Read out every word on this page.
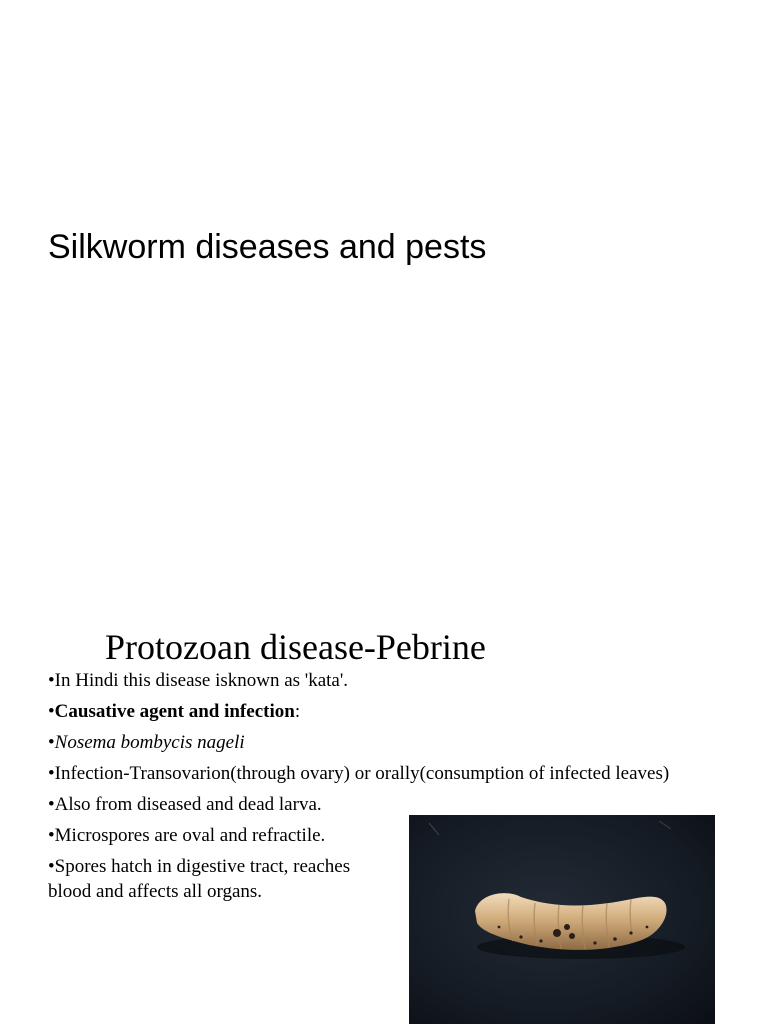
Silkworm diseases and pests
Protozoan disease-Pebrine
•In Hindi this disease isknown as 'kata'.
•Causative agent and infection:
•Nosema bombycis nageli
•Infection-Transovarion(through ovary) or orally(consumption of infected leaves)
•Also from diseased and dead larva.
•Microspores are oval and refractile.
•Spores hatch in digestive tract, reaches blood and affects all organs.
